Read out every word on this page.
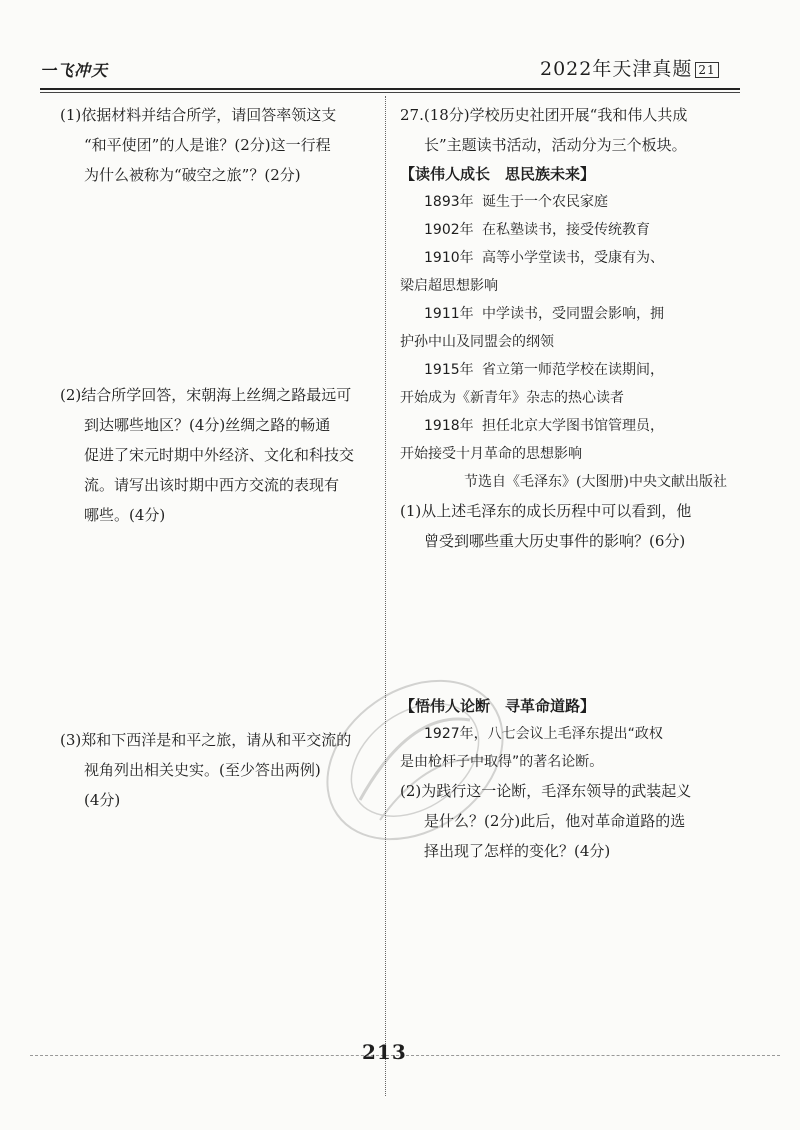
一飞冲天	2022年天津真题 21

(1)依据材料并结合所学，请回答率领这支
“和平使团”的人是谁？(2分)这一行程
为什么被称为“破空之旅”？(2分)

(2)结合所学回答，宋朝海上丝绸之路最远可
到达哪些地区？(4分)丝绸之路的畅通
促进了宋元时期中外经济、文化和科技交
流。请写出该时期中西方交流的表现有
哪些。(4分)

(3)郑和下西洋是和平之旅，请从和平交流的
视角列出相关史实。(至少答出两例)
(4分)

27.(18分)学校历史社团开展“我和伟人共成
长”主题读书活动，活动分为三个板块。

【读伟人成长　思民族未来】
1893年 诞生于一个农民家庭
1902年 在私塾读书，接受传统教育
1910年 高等小学堂读书，受康有为、
梁启超思想影响
1911年 中学读书，受同盟会影响，拥
护孙中山及同盟会的纲领
1915年 省立第一师范学校在读期间，
开始成为《新青年》杂志的热心读者
1918年 担任北京大学图书馆管理员，
开始接受十月革命的思想影响
节选自《毛泽东》(大图册)中央文献出版社

(1)从上述毛泽东的成长历程中可以看到，他
曾受到哪些重大历史事件的影响？(6分)

【悟伟人论断　寻革命道路】
1927年，八七会议上毛泽东提出“政权
是由枪杆子中取得”的著名论断。

(2)为践行这一论断，毛泽东领导的武装起义
是什么？(2分)此后，他对革命道路的选
择出现了怎样的变化？(4分)

213
